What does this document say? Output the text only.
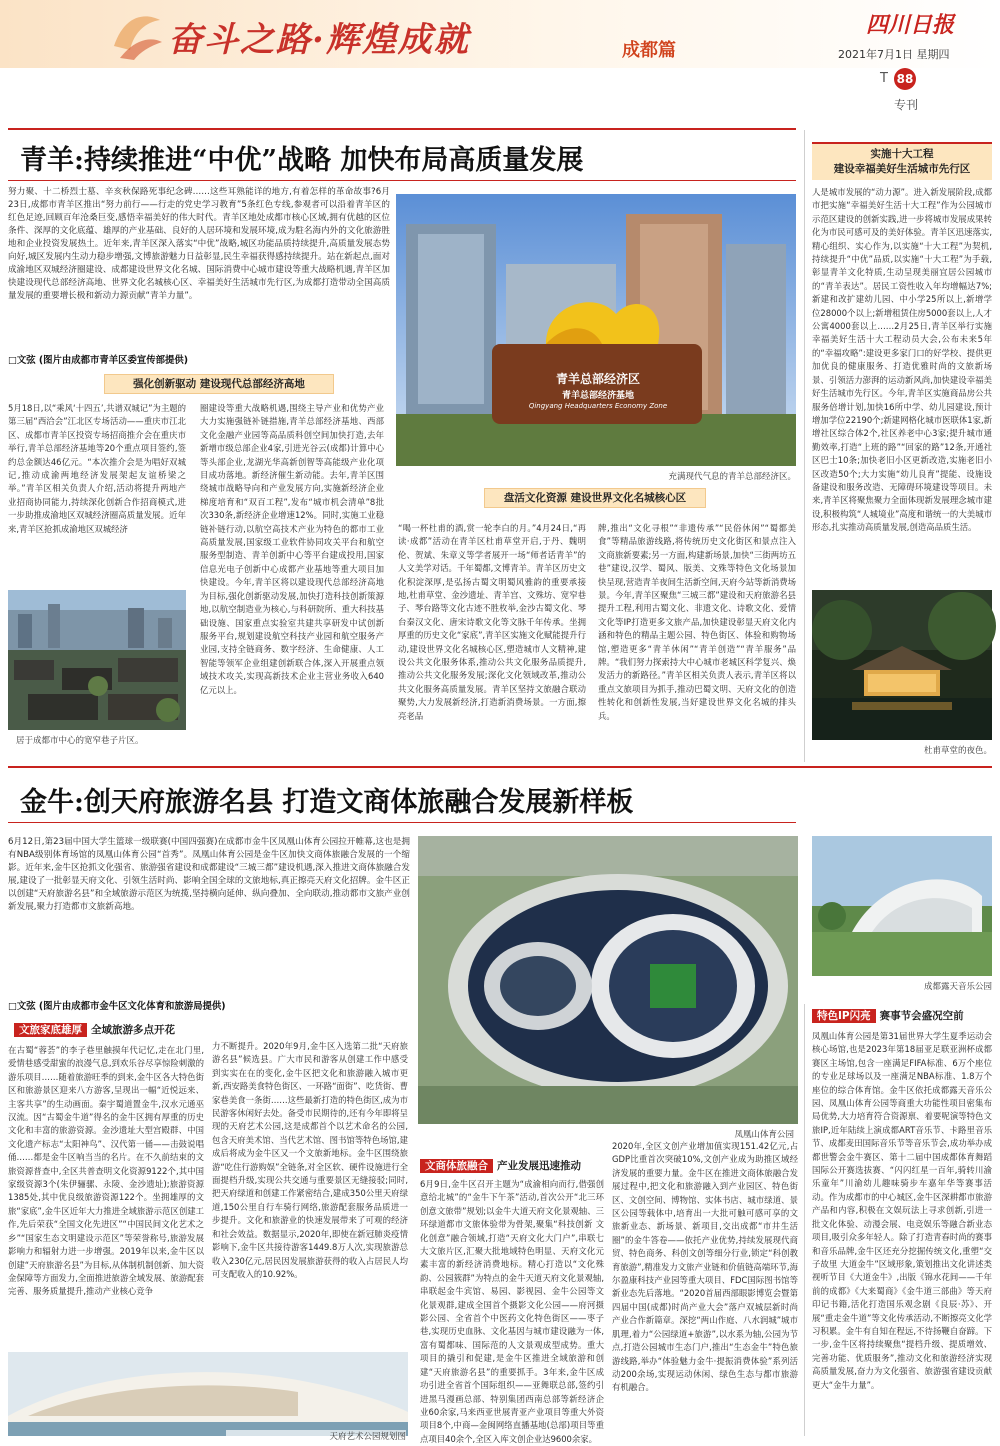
奋斗之路·辉煌成就	成都篇
四川日报
2021年7月1日 星期四
T 88
专刊
青羊:持续推进“中优”战略 加快布局高质量发展
努力聚、十二桥烈士墓、辛亥秋保路死事纪念碑……这些耳熟能详的地方,有着怎样的革命故事?6月23日,成都市青羊区推出“努力前行——行走的党史学习教育”5条红色专线,参观者可以沿着青羊区的红色足迹,回顾百年沧桑巨变,感悟幸福美好的伟大时代。青羊区地处成都市核心区域,拥有优越的区位条件、深厚的文化底蕴、雄厚的产业基础、良好的人居环境和发展环境,成为駐名海内外的文化旅游胜地和企业投资发展热土。近年来,青羊区深入落实“中优”战略,城区功能品质持续提升,高质量发展态势向好,城区发展内生动力稳步增强,文博旅游魅力日益彰显,民生幸福获得感持续提升。站在新起点,面对成渝地区双城经济圈建设、成都建设世界文化名城、国际消费中心城市建设等重大战略机遇,青羊区加快建设现代总部经济高地、世界文化名城核心区、幸福美好生活城市先行区,为成都打造带动全国高质量发展的重要增长极和新动力源贡献“青羊力量”。
□文弦 (图片由成都市青羊区委宣传部提供)
强化创新驱动 建设现代总部经济高地
5月18日,以“乘风‘十四五’,共谱双城记”为主题的第三届“西洽会”江北区专场活动——重庆市江北区、成都市青羊区投资专场招商推介会在重庆市举行,青羊总部经济基地等20个重点项目签约,签约总金额达46亿元。“本次推介会是为唱好双城记,推动成渝两地经济发展架起友谊桥梁之举。”青羊区相关负责人介绍,活动将提升两地产业招商协同能力,持续深化创新合作招商模式,进一步助推成渝地区双城经济圈高质量发展。近年来,青羊区抢抓成渝地区双城经济
圈建设等重大战略机遇,围绕主导产业和优势产业大力实施强链补链措施,青羊总部经济基地、西部文化金融产业园等高品质科创空间加快打造,去年新增市级总部企业4家,引进光谷云(成都)计算中心等头部企业,龙湖光华高新创智等高能级产业化项目成功落地。新经济催生新动能。去年,青羊区围绕城市战略导向和产业发展方向,实施新经济企业梯度培育和“双百工程”,发布“城市机会清单”8批次330条,新经济企业增速12%。同时,实施工业稳链补链行动,以航空高技术产业为特色的都市工业高质量发展,国家级工业软件协同攻关平台和航空服务型制造、青羊创新中心等平台建成投用,国家信息光电子创新中心成都产业基地等重大项目加快建设。今年,青羊区将以建设现代总部经济高地为目标,强化创新驱动发展,加快打造科技创新策源地,以航空制造业为核心,与科研院所、重大科技基础设施、国家重点实验室共建共享研发中试创新服务平台,规划建设航空科技产业园和航空服务产业园,支持全链商务、数字经济、生命健康、人工智能等领军企业组建创新联合体,深入开展重点领域技术攻关,实现高新技术企业主营业务收入640亿元以上。
居于成都市中心的宽窄巷子片区。
青羊总部经济区
青羊总部经济基地
Qingyang Headquarters Economy Zone
充满现代气息的青羊总部经济区。
盘活文化资源 建设世界文化名城核心区
“喝一杯杜甫的酒,赏一轮李白的月。”4月24日,“再读·成都”活动在青羊区杜甫草堂开启,于丹、魏明伦、贺斌、朱章义等学者展开一场“师者话青羊”的人文美学对话。千年蜀都,文博青羊。青羊区历史文化积淀深厚,是弘扬古蜀文明蜀风雅韵的重要承接地,杜甫草堂、金沙遗址、青羊宫、文殊坊、宽窄巷子、琴台路等文化古迹不胜枚举,金沙古蜀文化、琴台秦汉文化、唐宋诗歌文化等文脉千年传承。坐拥厚重的历史文化“家底”,青羊区实施文化赋能提升行动,建设世界文化名城核心区,塑造城市人文精神,建设公共文化服务体系,推动公共文化服务品质提升,推动公共文化服务发展;深化文化领域改革,推动公共文化服务高质量发展。青羊区坚持文旅融合联动聚势,大力发展新经济,打造新消费场景。一方面,擦亮老品
牌,推出“文化寻根”“非遗传承”“民俗休闲”“蜀都美食”等精品旅游线路,将传统历史文化街区和景点注入文商旅新要素;另一方面,构建新场景,加快“三街两坊五巷”建设,汉学、蜀风、版美、文殊等特色文化场景加快呈现,营造青羊夜间生活新空间,天府今站等新消费场景。今年,青羊区聚焦“三城三都”建设和天府旅游名县提升工程,利用古蜀文化、非遗文化、诗歌文化、爱情文化等IP打造更多文旅产品,加快建设彰显天府文化内涵和特色的精品主题公园、特色街区、体验和购物场馆,塑造更多“青羊休闲”“青羊创造”“青羊服务”品牌。“我们努力探索持大中心城市老城区科学复兴、焕发活力的新路径。”青羊区相关负责人表示,青羊区将以重点文旅项目为抓手,推动巴蜀文明、天府文化的创造性转化和创新性发展,当好建设世界文化名城的排头兵。
实施十大工程
建设幸福美好生活城市先行区
人是城市发展的“动力源”。进入新发展阶段,成都市把实施“幸福美好生活十大工程”作为公园城市示范区建设的创新实践,进一步将城市发展成果转化为市民可感可及的美好体验。青羊区迅速落实,精心组织、实心作为,以实施“十大工程”为契机,持续提升“中优”品质,以实施“十大工程”为手载,彰显青羊文化特质,生动呈现美丽宜居公园城市的“青羊表达”。居民工资性收入年均增幅达7%;新建和改扩建幼儿园、中小学25所以上,新增学位28000个以上;新增租赁住房5000套以上,人才公寓4000套以上……2月25日,青羊区举行实施幸福美好生活十大工程动员大会,公布未来5年的“幸福攻略”:建设更多家门口的好学校、提供更加优良的健康服务、打造优雅时尚的文旅新场景、引领活力澎湃的运动新风尚,加快建设幸福美好生活城市先行区。今年,青羊区实施商品房公共服务倍增计划,加快16所中学、幼儿园建设,预计增加学位22190个;新建网格化城市医联体1家,新增社区综合体2个,社区养老中心3家;提升城市通勤效率,打造“上班的路”“回家的路”12条,开通社区巴士10条;加快老旧小区更新改造,实施老旧小区改造50个;大力实施“幼儿良育”提能、设施设备建设和服务改造、无障碍环境建设等项目。未来,青羊区将聚焦聚力全面体现新发展理念城市建设,积极构筑“人城境业”高度和谐统一的大美城市形态,扎实推动高质量发展,创造高品质生活。
杜甫草堂的夜色。
金牛:创天府旅游名县 打造文商体旅融合发展新样板
6月12日,第23届中国大学生篮球一级联赛(中国四强赛)在成都市金牛区凤凰山体育公园拉开帷幕,这也是拥有NBA级别体育场馆的凤凰山体育公园“首秀”。凤凰山体育公园是金牛区加快文商体旅融合发展的一个缩影。近年来,金牛区抢抓文化强省、旅游强省建设和成都建设“三城三都”建设机遇,深入推进文商体旅融合发展,建设了一批彰显天府文化、引领生活时尚、影响全国全球的文旅地标,真正擦亮天府文化招牌。金牛区正以创建“天府旅游名县”和全域旅游示范区为统揽,坚持横向延伸、纵向叠加、全向联动,推动都市文旅产业创新发展,聚力打造都市文旅新高地。
□文弦 (图片由成都市金牛区文化体育和旅游局提供)
凤凰山体育公园
成都露天音乐公园
特色IP闪亮 赛事节会盛况空前
凤凰山体育公园是第31届世界大学生夏季运动会核心场馆,也是2023年第18届亚足联亚洲杯成都赛区主场馆,包含一座满足FIFA标准、6万个座位的专业足球场以及一座满足NBA标准、1.8万个座位的综合体育馆。金牛区依托成都露天音乐公园、凤凰山体育公园等商重大功能性项目密集布局优势,大力培育符合资源禀、着要呢演等特色文旅IP,近年陆续上演成都ART音乐节、卡路里音乐节、成都麦田国际音乐节等音乐节会,成功举办成都世警会金牛赛区、第十二届中国成都体育舞蹈国际公开赛选拔赛、“闪闪红星一百年,骑转川渝乐童年”川渝幼儿趣味骑步车嘉年华等赛事活动。作为成都市的中心城区,金牛区深耕都市旅游产品和内容,积极在文娱玩法上寻求创新,引进一批文化体验、动漫会展、电竞娱乐等融合新业态项目,吸引众多年轻人。除了打造青春时尚的赛事和音乐品牌,金牛区还充分挖掘传统文化,重塑“交子故里 大道金牛”区域形象,策划推出文化讲述类视听节目《大道金牛》,出版《锦水花间——千年前的成都》《大来蜀商》《金牛道三部曲》等天府印记书籍,活化打造国乐观念剧《良辰·苏》、开展“重走金牛道”等文化传承活动,不断擦亮文化学习积累。金牛有自知在程远,不待扬鞭自奋蹄。下一步,金牛区将持续聚焦“提档升级、提质增效、完善功能、优质服务”,推动文化和旅游经济实现高质量发展,奋力为文化强省、旅游强省建设贡献更大“金牛力量”。
文旅家底雄厚 全域旅游多点开花
在古蜀“蓉荟”的李子巷里触摸年代记忆,走在北门里,爱情巷感受甜蜜的浪漫气息,到欢乐谷尽享惊险刺激的游乐项目……随着旅游旺季的到来,金牛区各大特色街区和旅游景区迎来八方游客,呈现出一幅“近悦远来、主客共享”的生动画面。秦宇蜀道置金牛,汉水元通巫汉流。因“古蜀金牛道”得名的金牛区拥有厚重的历史文化和丰富的旅游资源。金沙遗址大型宫殿群、中国文化遗产标志“太阳神鸟”、汉代第一俑——击鼓说唱俑……都是金牛区响当当的名片。在不久前结束的文旅资源普查中,全区共普查明文化资源9122个,其中国家级资源3个(朱伊骊骡、永陵、金沙遗址);旅游资源1385处,其中优良级旅游资源122个。坐拥雄厚的文旅“家底”,金牛区近年大力推进全域旅游示范区创建工作,先后荣获“全国文化先进区”“中国民间文化艺术之乡”“国家生态文明建设示范区”等荣誉称号,旅游发展影响力和辐射力进一步增强。2019年以来,金牛区以创建“天府旅游名县”为目标,从体制机制创新、加大资金保障等方面发力,全面推进旅游全域发展、旅游配套完善、服务质量提升,推动产业核心竞争
力不断提升。2020年9月,金牛区入选第二批“天府旅游名县”候选县。广大市民和游客从创建工作中感受到实实在在的变化,金牛区把文化和旅游融入城市更新,西安路美食特色街区、一环路“面街”、吃货街、曹家巷美食一条街……这些最新打造的特色街区,成为市民游客休闲好去处。备受市民期待的,还有今年即将呈现的天府艺术公园,这是成都首个以艺术命名的公园,包含天府美术馆、当代艺术馆、图书馆等特色场馆,建成后将成为金牛区又一个文旅新地标。金牛区围绕旅游“吃住行游购娱”全链条,对全区软、硬件设施进行全面提档升级,实现公共交通与重要景区无缝接驳;同时,把天府绿道和创建工作紧密结合,建成350公里天府绿道,150公里自行车骑行网络,旅游配套服务品质进一步提升。文化和旅游业的快速发展带来了可观的经济和社会效益。数据显示,2020年,即使在新冠肺炎疫情影响下,金牛区共接待游客1449.8万人次,实现旅游总收入230亿元,居民因发展旅游获得的收入占居民人均可支配收入的10.92%。
天府艺术公园规划图
文商体旅融合 产业发展迅速推动
6月9日,金牛区召开主题为“成渝相向而行,借强创意给北城”的“金牛下午茶”活动,首次公开“北三环创意文旅带”规划;以金牛大道天府文化景观轴、三环绿道都市文旅体验带为骨架,聚集“科技创新 文化创意”融合领域,打造“天府文化大门户”,串联七大文旅片区,汇聚大批地域特色明显、天府文化元素丰富的新经济消费地标。精心打造以“文化殊韵、公园簇群”为特点的金牛天道天府文化景观轴,串联起金牛宾馆、易园、影视园、金牛公园等文化景观群,建成全国首个摄影文化公园——府河摄影公园、全省首个中医药文化特色街区——枣子巷,实现历史血脉、文化基因与城市建设融为一体,富有蜀都味、国际范的人文景观成型成势。重大项目的撬引和促建,是金牛区推进全域旅游和创建“天府旅游名县”的重要抓手。3年来,金牛区成功引进全省首个国际组织——亚舞联总部,签约引进黑马漫画总部、特别集团西南总部等新经济企业60余家,马来西亚世展青亚产业项目等重大外资项目8个,中商—金闽网络直播基地(总部)项目等重点项目40余个,全区入库文创企业达9600余家。
2020年,全区文创产业增加值实现151.42亿元,占GDP比重首次突破10%,文创产业成为助推区域经济发展的重要力量。金牛区在推进文商体旅融合发展过程中,把文化和旅游融入到产业园区、特色街区、文创空间、博物馆、实体书店、城市绿道、景区公园等载体中,培育出一大批可触可感可享的文旅新业态、新场景、新项目,交出成都“市井生活圈”的金牛答卷——依托产业优势,持续发展现代商贸、特色商务、科创文创等细分行业,锁定“科创教育旅游”,精准发力文旅产业链和价值链高端环节,海尔盈康科技产业园等重大项目、FDC国际图书馆等新业态先后落地。“2020首届西部眼影博览会暨第四届中国(成都)时尚产业大会”落户双城层新时尚产业合作新篇章。深挖“两山作庭、八水润城”城市肌理,着力“公园绿道+旅游”,以水系为轴,公园为节点,打造公园城市生态门户,推出“生态金牛”特色旅游线路,举办“体验魅力金牛·提振消费体验”系列活动200余场,实现运动休闲、绿色生态与都市旅游有机融合。
